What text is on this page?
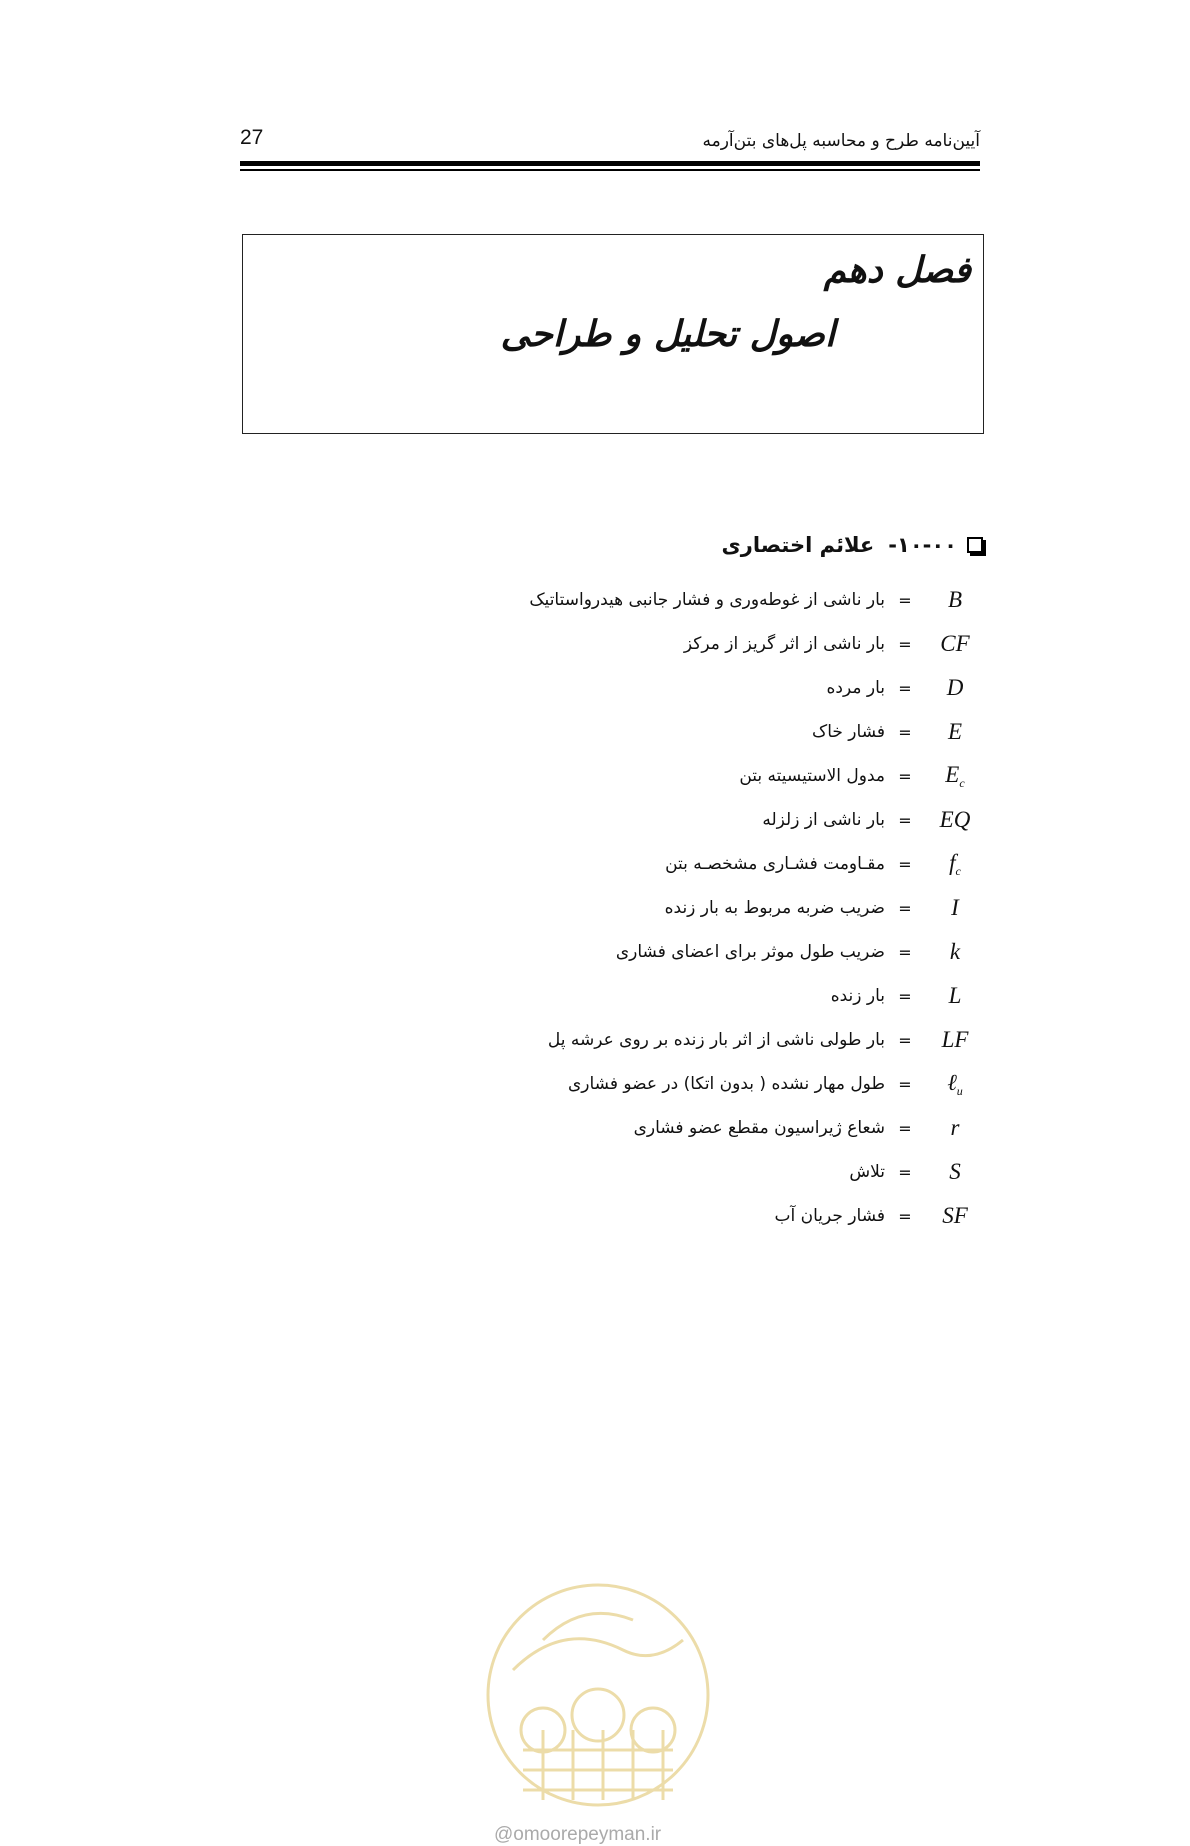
27	آیین‌نامه طرح و محاسبه پل‌های بتن‌آرمه
فصل دهم
اصول تحلیل و طراحی
۱۰-۰۰-
علائم اختصاری
B
=
بار ناشی از غوطه‌وری و فشار جانبی هیدرواستاتیک
CF
=
بار ناشی از اثر گریز از مرکز
D
=
بار مرده
E
=
فشار خاک
$E_c$
=
مدول الاستیسیته بتن
EQ
=
بار ناشی از زلزله
$f_c$
=
مقـاومت فشـاری مشخصـه بتن
I
=
ضریب ضربه مربوط به بار زنده
k
=
ضریب طول موثر برای اعضای فشاری
L
=
بار زنده
LF
=
بار طولی ناشی از اثر بار زنده بر روی عرشه پل
ℓ$_u$
=
طول مهار نشده ( بدون اتکا) در عضو فشاری
r
=
شعاع ژیراسیون مقطع عضو فشاری
S
=
تلاش
SF
=
فشار جریان آب
@omoorepeyman.ir
